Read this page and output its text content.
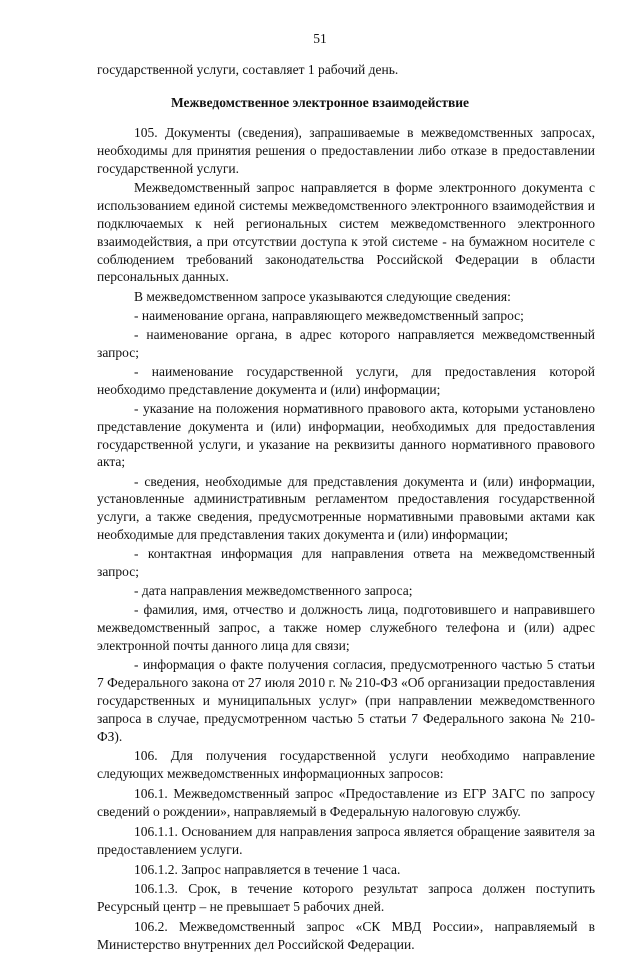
51
государственной услуги, составляет 1 рабочий день.
Межведомственное электронное взаимодействие

105. Документы (сведения), запрашиваемые в межведомственных запросах, необходимы для принятия решения о предоставлении либо отказе в предоставлении государственной услуги.

Межведомственный запрос направляется в форме электронного документа с использованием единой системы межведомственного электронного взаимодействия и подключаемых к ней региональных систем межведомственного электронного взаимодействия, а при отсутствии доступа к этой системе - на бумажном носителе с соблюдением требований законодательства Российской Федерации в области персональных данных.

В межведомственном запросе указываются следующие сведения:

- наименование органа, направляющего межведомственный запрос;

- наименование органа, в адрес которого направляется межведомственный запрос;

- наименование государственной услуги, для предоставления которой необходимо представление документа и (или) информации;

- указание на положения нормативного правового акта, которыми установлено представление документа и (или) информации, необходимых для предоставления государственной услуги, и указание на реквизиты данного нормативного правового акта;

- сведения, необходимые для представления документа и (или) информации, установленные административным регламентом предоставления государственной услуги, а также сведения, предусмотренные нормативными правовыми актами как необходимые для представления таких документа и (или) информации;

- контактная информация для направления ответа на межведомственный запрос;

- дата направления межведомственного запроса;

- фамилия, имя, отчество и должность лица, подготовившего и направившего межведомственный запрос, а также номер служебного телефона и (или) адрес электронной почты данного лица для связи;

- информация о факте получения согласия, предусмотренного частью 5 статьи 7 Федерального закона от 27 июля 2010 г. № 210-ФЗ «Об организации предоставления государственных и муниципальных услуг» (при направлении межведомственного запроса в случае, предусмотренном частью 5 статьи 7 Федерального закона № 210-ФЗ).

106. Для получения государственной услуги необходимо направление следующих межведомственных информационных запросов:

106.1. Межведомственный запрос «Предоставление из ЕГР ЗАГС по запросу сведений о рождении», направляемый в Федеральную налоговую службу.

106.1.1. Основанием для направления запроса является обращение заявителя за предоставлением услуги.

106.1.2. Запрос направляется в течение 1 часа.

106.1.3. Срок, в течение которого результат запроса должен поступить Ресурсный центр – не превышает 5 рабочих дней.

106.2. Межведомственный запрос «СК МВД России», направляемый в Министерство внутренних дел Российской Федерации.
